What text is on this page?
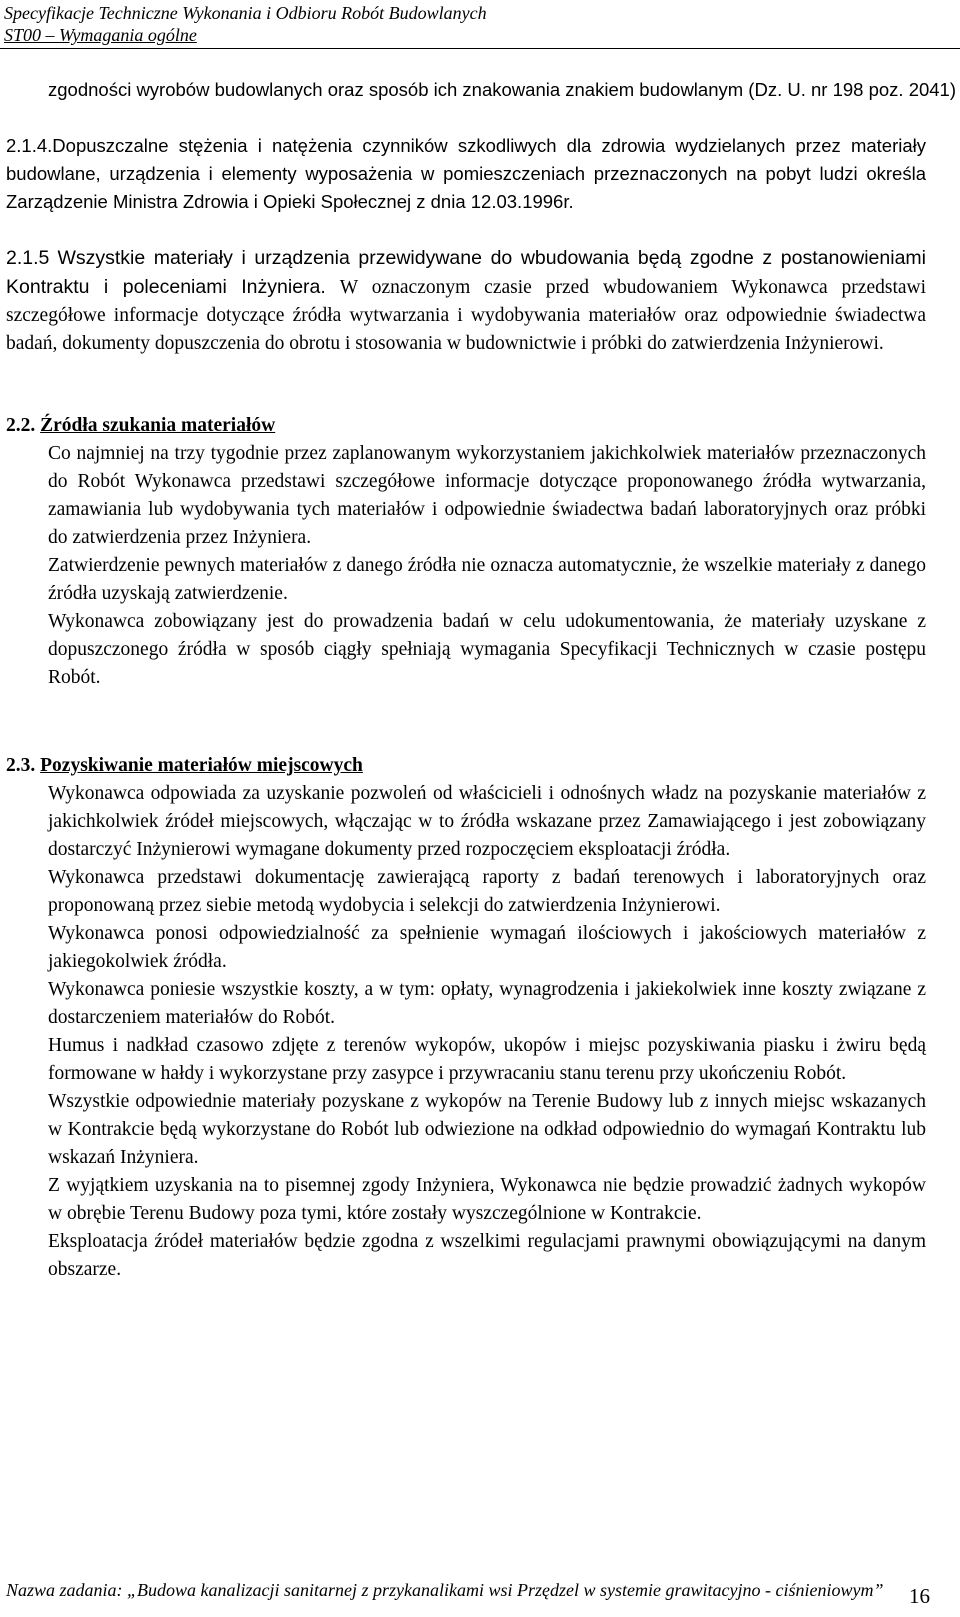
Specyfikacje Techniczne Wykonania i Odbioru Robót Budowlanych
ST00 – Wymagania ogólne

zgodności wyrobów budowlanych oraz sposób ich znakowania znakiem budowlanym (Dz. U. nr 198 poz. 2041)

2.1.4.Dopuszczalne stężenia i natężenia czynników szkodliwych dla zdrowia wydzielanych przez materiały budowlane, urządzenia i elementy wyposażenia w pomieszczeniach przeznaczonych na pobyt ludzi określa Zarządzenie Ministra Zdrowia i Opieki Społecznej z dnia 12.03.1996r.

2.1.5 Wszystkie materiały i urządzenia przewidywane do wbudowania będą zgodne z postanowieniami Kontraktu i poleceniami Inżyniera. W oznaczonym czasie przed wbudowaniem Wykonawca przedstawi szczegółowe informacje dotyczące źródła wytwarzania i wydobywania materiałów oraz odpowiednie świadectwa badań, dokumenty dopuszczenia do obrotu i stosowania w budownictwie i próbki do zatwierdzenia Inżynierowi.

2.2. Źródła szukania materiałów

Co najmniej na trzy tygodnie przez zaplanowanym wykorzystaniem jakichkolwiek materiałów przeznaczonych do Robót Wykonawca przedstawi szczegółowe informacje dotyczące proponowanego źródła wytwarzania, zamawiania lub wydobywania tych materiałów i odpowiednie świadectwa badań laboratoryjnych oraz próbki do zatwierdzenia przez Inżyniera.

Zatwierdzenie pewnych materiałów z danego źródła nie oznacza automatycznie, że wszelkie materiały z danego źródła uzyskają zatwierdzenie.

Wykonawca zobowiązany jest do prowadzenia badań w celu udokumentowania, że materiały uzyskane z dopuszczonego źródła w sposób ciągły spełniają wymagania Specyfikacji Technicznych w czasie postępu Robót.

2.3. Pozyskiwanie materiałów miejscowych

Wykonawca odpowiada za uzyskanie pozwoleń od właścicieli i odnośnych władz na pozyskanie materiałów z jakichkolwiek źródeł miejscowych, włączając w to źródła wskazane przez Zamawiającego i jest zobowiązany dostarczyć Inżynierowi wymagane dokumenty przed rozpoczęciem eksploatacji źródła.

Wykonawca przedstawi dokumentację zawierającą raporty z badań terenowych i laboratoryjnych oraz proponowaną przez siebie metodą wydobycia i selekcji do zatwierdzenia Inżynierowi.

Wykonawca ponosi odpowiedzialność za spełnienie wymagań ilościowych i jakościowych materiałów z jakiegokolwiek źródła.

Wykonawca poniesie wszystkie koszty, a w tym: opłaty, wynagrodzenia i jakiekolwiek inne koszty związane z dostarczeniem materiałów do Robót.

Humus i nadkład czasowo zdjęte z terenów wykopów, ukopów i miejsc pozyskiwania piasku i żwiru będą formowane w hałdy i wykorzystane przy zasypce i przywracaniu stanu terenu przy ukończeniu Robót.

Wszystkie odpowiednie materiały pozyskane z wykopów na Terenie Budowy lub z innych miejsc wskazanych w Kontrakcie będą wykorzystane do Robót lub odwiezione na odkład odpowiednio do wymagań Kontraktu lub wskazań Inżyniera.

Z wyjątkiem uzyskania na to pisemnej zgody Inżyniera, Wykonawca nie będzie prowadzić żadnych wykopów w obrębie Terenu Budowy poza tymi, które zostały wyszczególnione w Kontrakcie.

Eksploatacja źródeł materiałów będzie zgodna z wszelkimi regulacjami prawnymi obowiązującymi na danym obszarze.

Nazwa zadania: „Budowa kanalizacji sanitarnej z przykanalikami wsi Przędzel w systemie grawitacyjno - ciśnieniowym”	16
